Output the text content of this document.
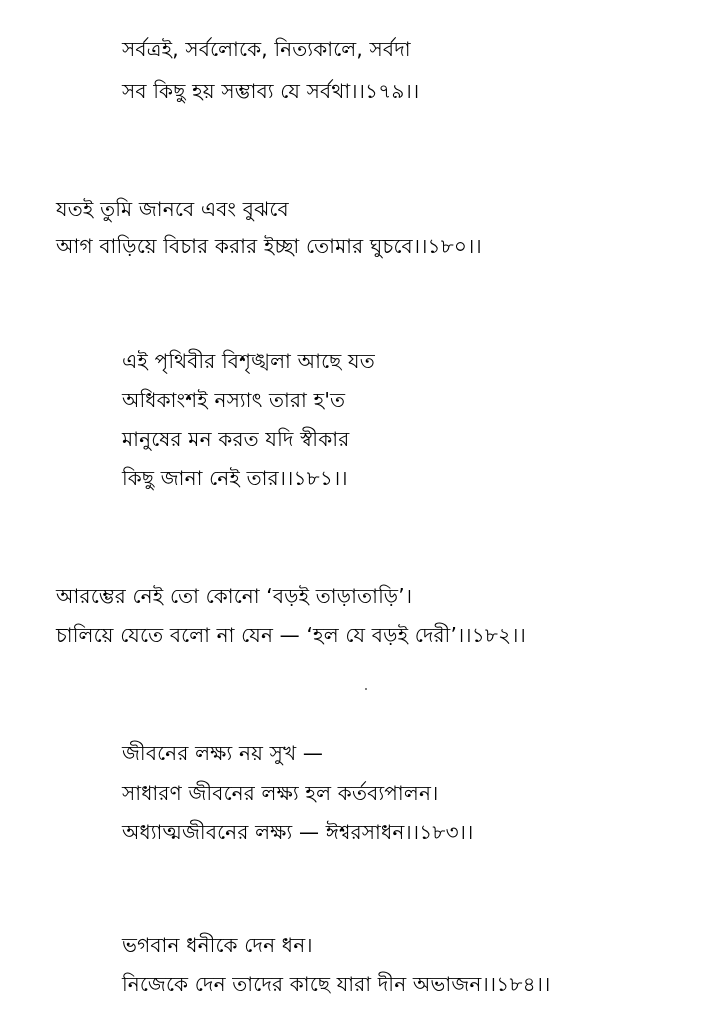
সর্বত্রই, সর্বলোকে, নিত্যকালে, সর্বদা
সব কিছু হয় সম্ভাব্য যে সর্বথা।।১৭৯।।
যতই তুমি জানবে এবং বুঝবে
আগ বাড়িয়ে বিচার করার ইচ্ছা তোমার ঘুচবে।।১৮০।।
এই পৃথিবীর বিশৃঙ্খলা আছে যত
অধিকাংশই নস্যাৎ তারা হ'ত
মানুষের মন করত যদি স্বীকার
কিছু জানা নেই তার।।১৮১।।
আরম্ভের নেই তো কোনো ‘বড়ই তাড়াতাড়ি’।
চালিয়ে যেতে বলো না যেন — ‘হল যে বড়ই দেরী’।।১৮২।।
জীবনের লক্ষ্য নয় সুখ —
সাধারণ জীবনের লক্ষ্য হল কর্তব্যপালন।
অধ্যাত্মজীবনের লক্ষ্য — ঈশ্বরসাধন।।১৮৩।।
ভগবান ধনীকে দেন ধন।
নিজেকে দেন তাদের কাছে যারা দীন অভাজন।।১৮৪।।
